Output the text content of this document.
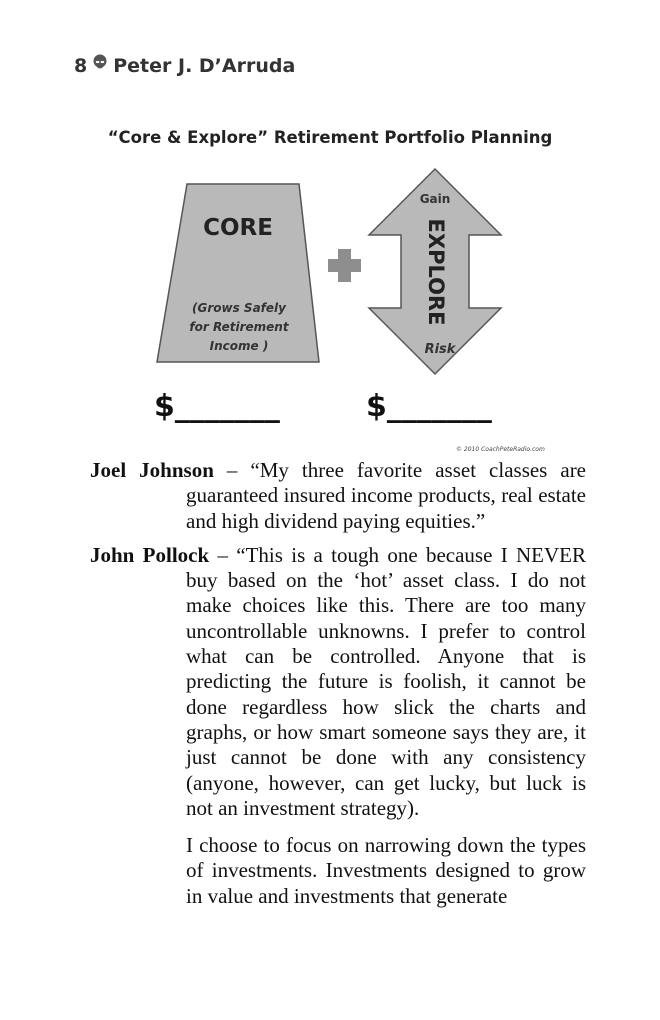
8 Peter J. D’Arruda
“Core & Explore” Retirement Portfolio Planning
CORE
(Grows Safely
for Retirement
Income )
Gain
EXPLORE
Risk
$_______	$_______
© 2010 CoachPeteRadio.com

Joel Johnson – “My three favorite asset classes are guaranteed insured income products, real estate and high dividend paying equities.”

John Pollock – “This is a tough one because I NEVER buy based on the ‘hot’ asset class. I do not make choices like this. There are too many uncontrollable unknowns. I prefer to control what can be controlled. Anyone that is predicting the future is foolish, it cannot be done regardless how slick the charts and graphs, or how smart someone says they are, it just cannot be done with any consistency (anyone, however, can get lucky, but luck is not an investment strategy).

I choose to focus on narrowing down the types of investments. Investments designed to grow in value and investments that generate
